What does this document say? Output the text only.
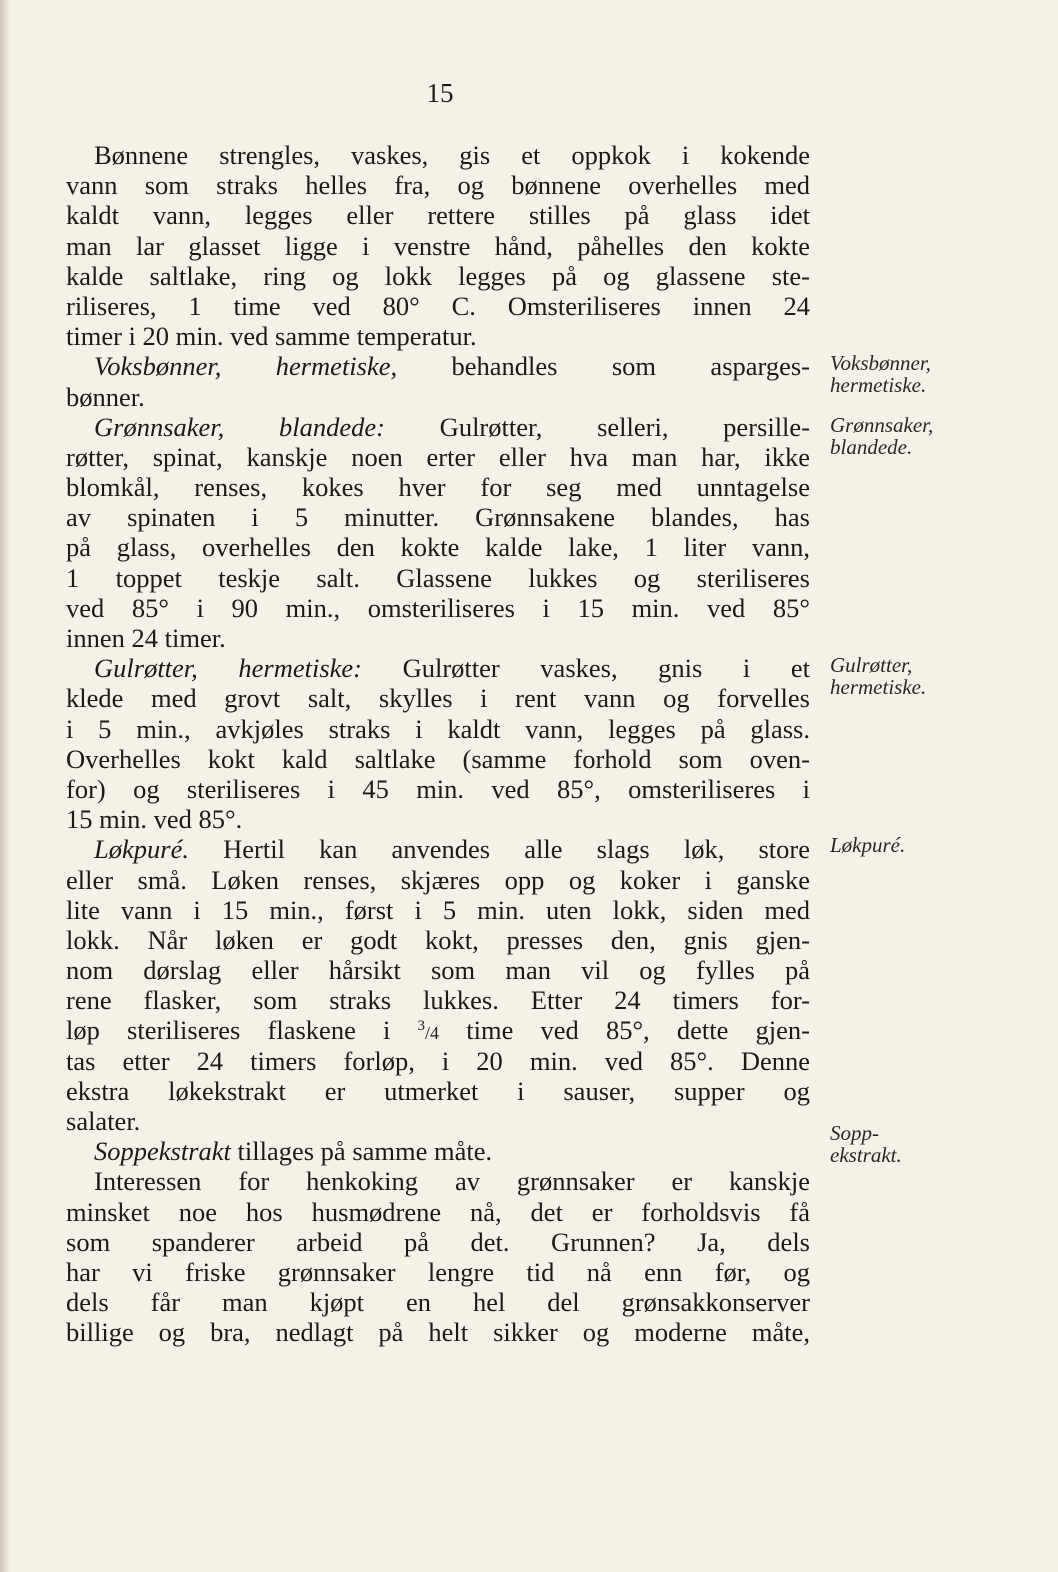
15
Bønnene strengles, vaskes, gis et oppkok i kokende
vann som straks helles fra, og bønnene overhelles med
kaldt vann, legges eller rettere stilles på glass idet
man lar glasset ligge i venstre hånd, påhelles den kokte
kalde saltlake, ring og lokk legges på og glassene ste-
riliseres, 1 time ved 80° C. Omsteriliseres innen 24
timer i 20 min. ved samme temperatur.
Voksbønner, hermetiske, behandles som asparges-
bønner.
Grønnsaker, blandede: Gulrøtter, selleri, persille-
røtter, spinat, kanskje noen erter eller hva man har, ikke
blomkål, renses, kokes hver for seg med unntagelse
av spinaten i 5 minutter. Grønnsakene blandes, has
på glass, overhelles den kokte kalde lake, 1 liter vann,
1 toppet teskje salt. Glassene lukkes og steriliseres
ved 85° i 90 min., omsteriliseres i 15 min. ved 85°
innen 24 timer.
Gulrøtter, hermetiske: Gulrøtter vaskes, gnis i et
klede med grovt salt, skylles i rent vann og forvelles
i 5 min., avkjøles straks i kaldt vann, legges på glass.
Overhelles kokt kald saltlake (samme forhold som oven-
for) og steriliseres i 45 min. ved 85°, omsteriliseres i
15 min. ved 85°.
Løkpuré. Hertil kan anvendes alle slags løk, store
eller små. Løken renses, skjæres opp og koker i ganske
lite vann i 15 min., først i 5 min. uten lokk, siden med
lokk. Når løken er godt kokt, presses den, gnis gjen-
nom dørslag eller hårsikt som man vil og fylles på
rene flasker, som straks lukkes. Etter 24 timers for-
løp steriliseres flaskene i $^3$/4 time ved 85°, dette gjen-
tas etter 24 timers forløp, i 20 min. ved 85°. Denne
ekstra løkekstrakt er utmerket i sauser, supper og
salater.
Soppekstrakt tillages på samme måte.
Interessen for henkoking av grønnsaker er kanskje
minsket noe hos husmødrene nå, det er forholdsvis få
som spanderer arbeid på det. Grunnen? Ja, dels
har vi friske grønnsaker lengre tid nå enn før, og
dels får man kjøpt en hel del grønsakkonserver
billige og bra, nedlagt på helt sikker og moderne måte,
Voksbønner,
hermetiske.
Grønnsaker,
blandede.
Gulrøtter,
hermetiske.
Løkpuré.
Sopp-
ekstrakt.
